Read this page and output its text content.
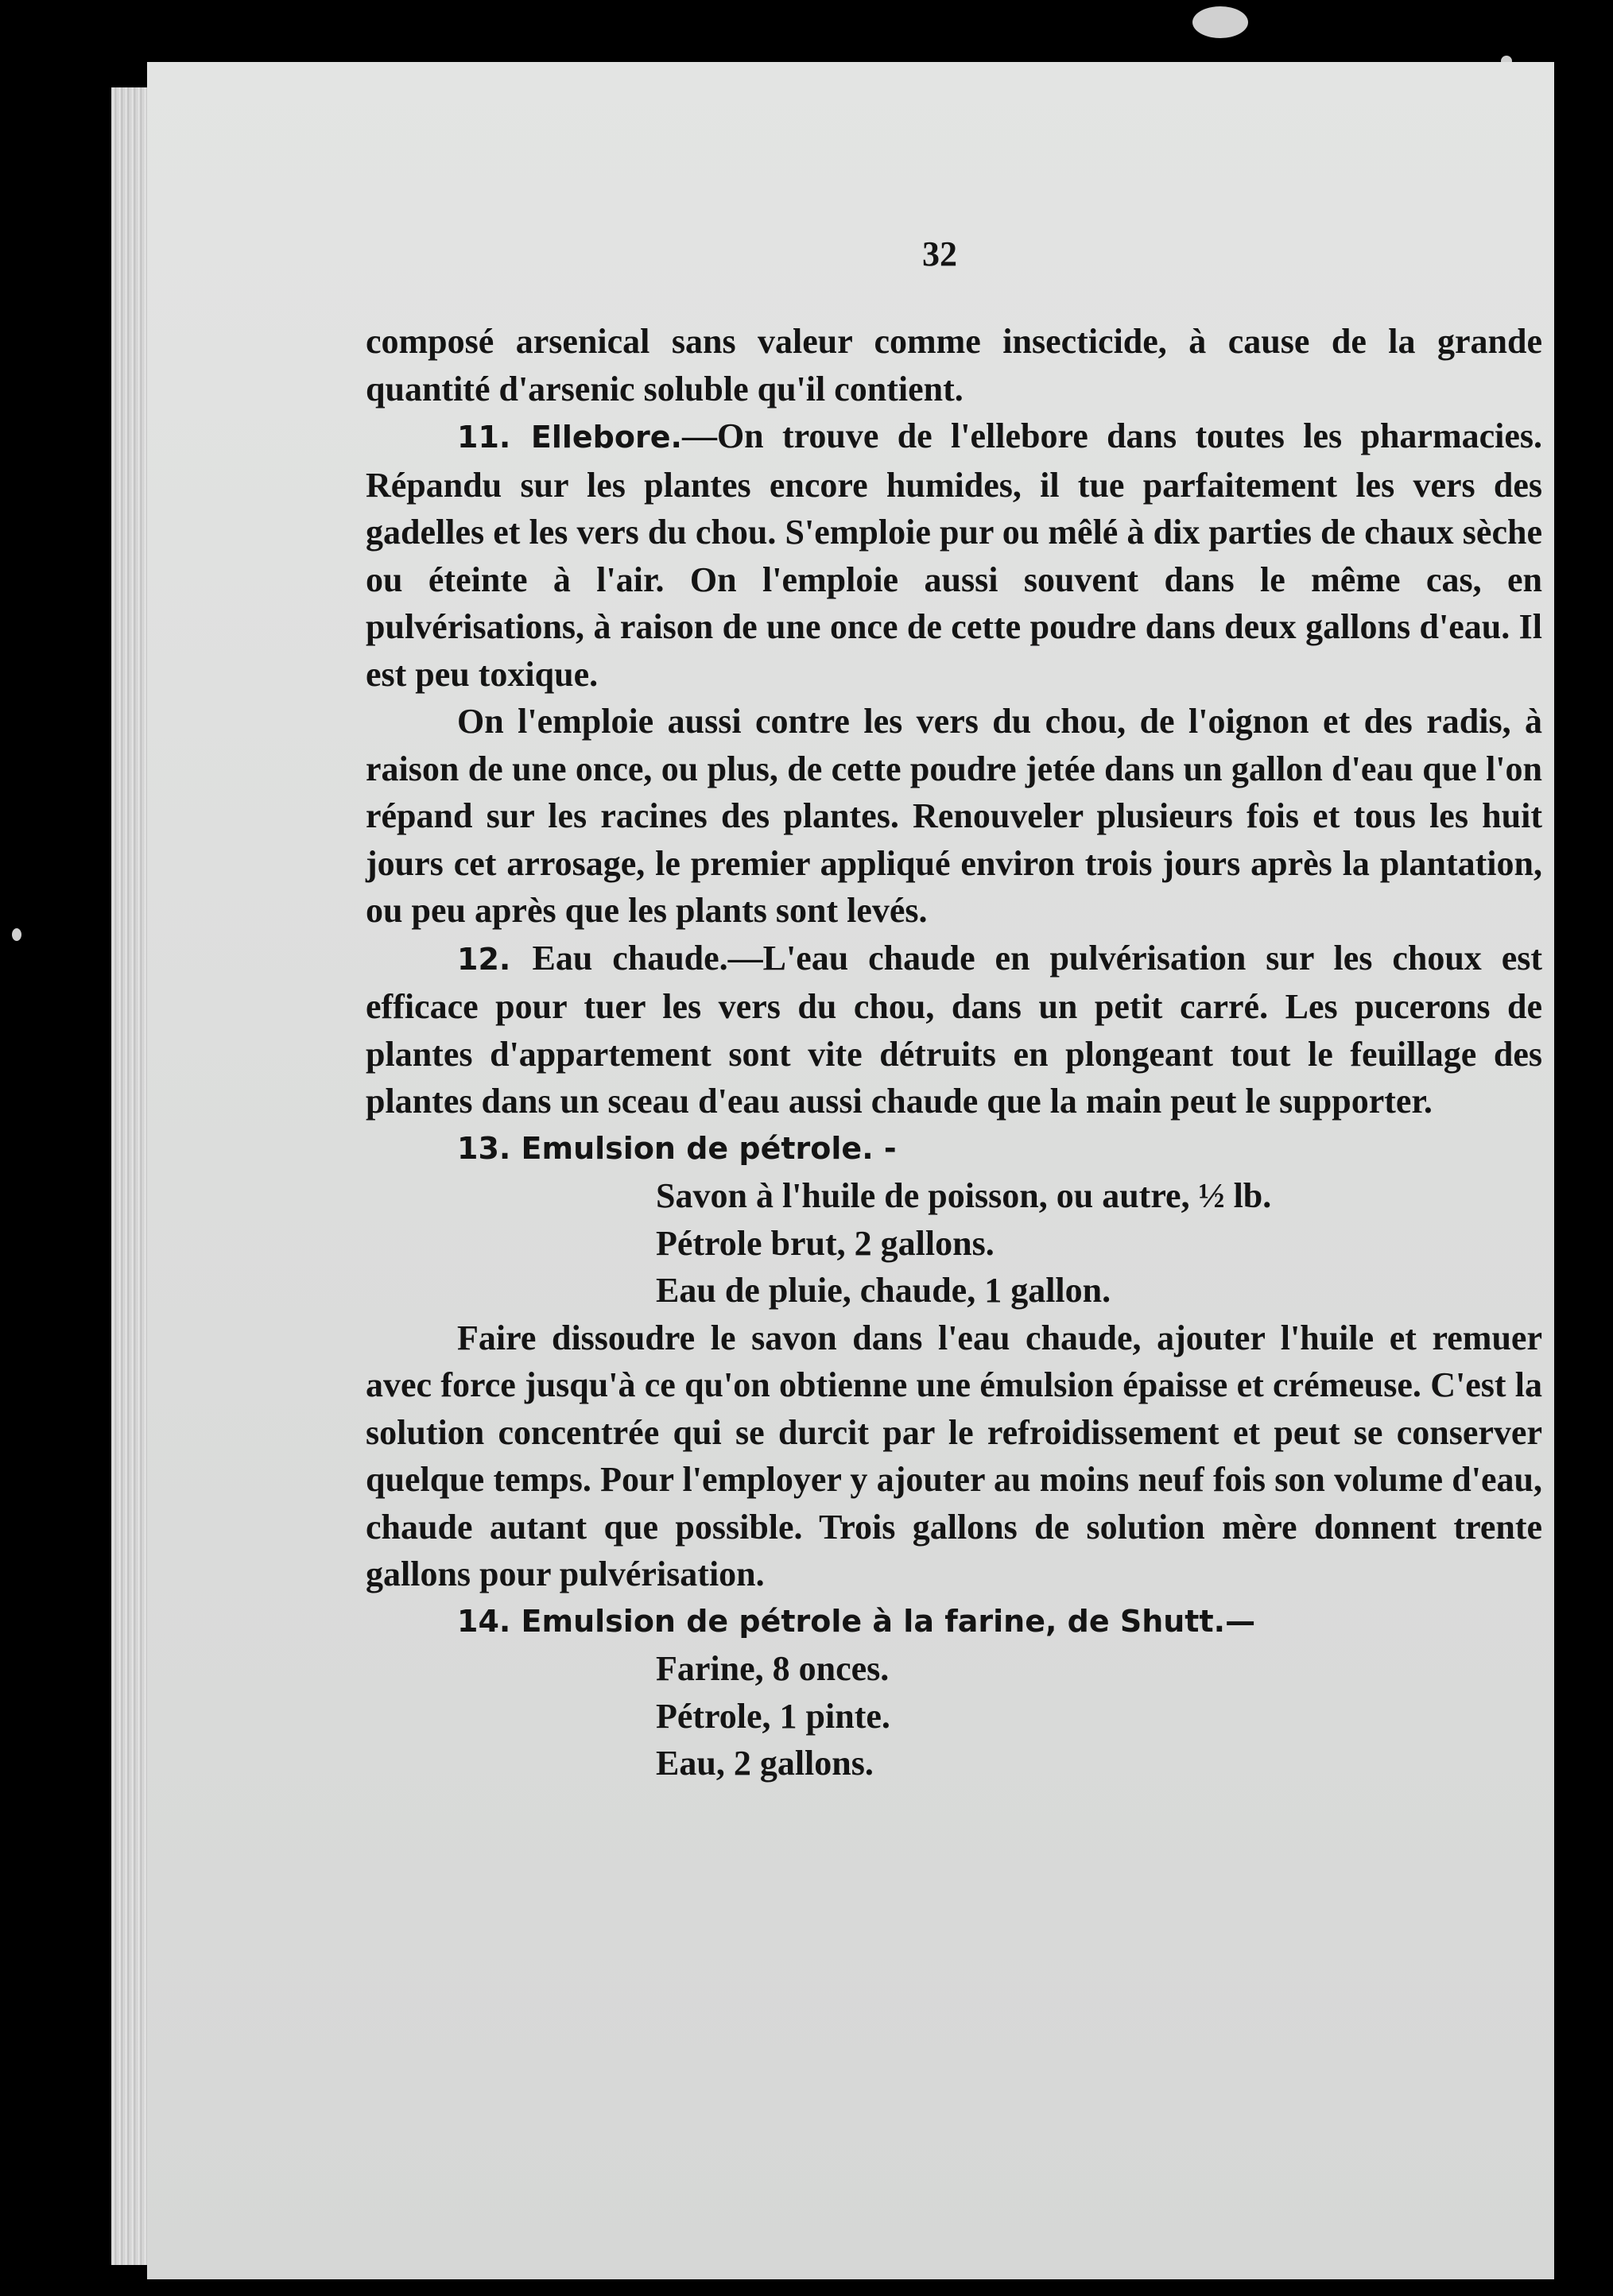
32

composé arsenical sans valeur comme insecticide, à cause de la grande quantité d'arsenic soluble qu'il contient.

11. Ellebore.—On trouve de l'ellebore dans toutes les pharmacies. Répandu sur les plantes encore humides, il tue parfaitement les vers des gadelles et les vers du chou. S'emploie pur ou mêlé à dix parties de chaux sèche ou éteinte à l'air. On l'emploie aussi souvent dans le même cas, en pulvérisations, à raison de une once de cette poudre dans deux gallons d'eau. Il est peu toxique.

On l'emploie aussi contre les vers du chou, de l'oignon et des radis, à raison de une once, ou plus, de cette poudre jetée dans un gallon d'eau que l'on répand sur les racines des plantes. Renouveler plusieurs fois et tous les huit jours cet arrosage, le premier appliqué environ trois jours après la plantation, ou peu après que les plants sont levés.

12. Eau chaude.—L'eau chaude en pulvérisation sur les choux est efficace pour tuer les vers du chou, dans un petit carré. Les pucerons de plantes d'appartement sont vite détruits en plongeant tout le feuillage des plantes dans un sceau d'eau aussi chaude que la main peut le supporter.

13. Emulsion de pétrole. -
Savon à l'huile de poisson, ou autre, ½ lb.
Pétrole brut, 2 gallons.
Eau de pluie, chaude, 1 gallon.

Faire dissoudre le savon dans l'eau chaude, ajouter l'huile et remuer avec force jusqu'à ce qu'on obtienne une émulsion épaisse et crémeuse. C'est la solution concentrée qui se durcit par le refroidissement et peut se conserver quelque temps. Pour l'employer y ajouter au moins neuf fois son volume d'eau, chaude autant que possible. Trois gallons de solution mère donnent trente gallons pour pulvérisation.

14. Emulsion de pétrole à la farine, de Shutt.—
Farine, 8 onces.
Pétrole, 1 pinte.
Eau, 2 gallons.
